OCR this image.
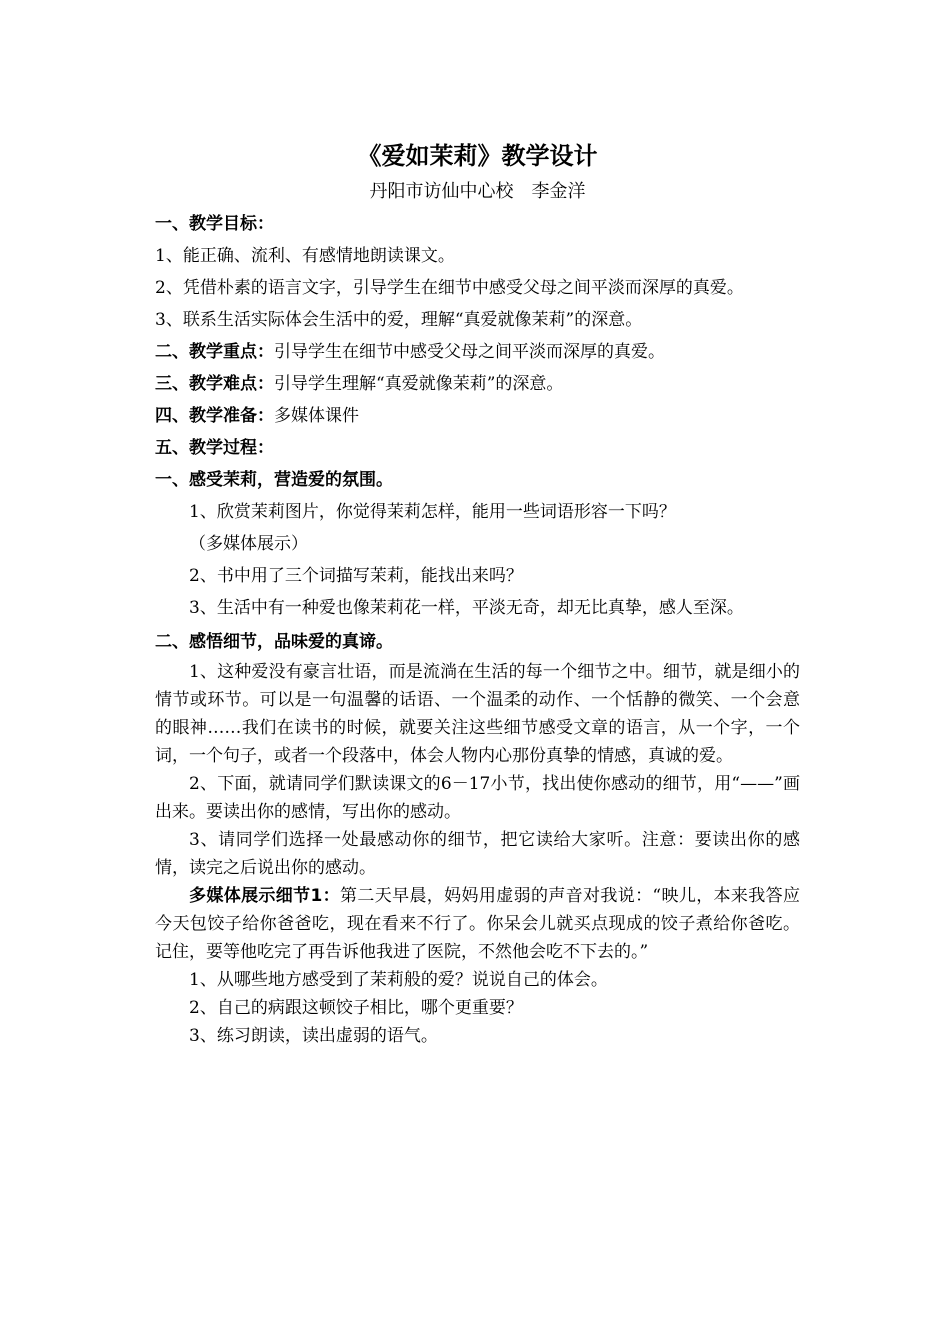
《爱如茉莉》教学设计

丹阳市访仙中心校　李金洋

一、教学目标：

1、能正确、流利、有感情地朗读课文。

2、凭借朴素的语言文字，引导学生在细节中感受父母之间平淡而深厚的真爱。

3、联系生活实际体会生活中的爱，理解“真爱就像茉莉”的深意。

二、教学重点：引导学生在细节中感受父母之间平淡而深厚的真爱。

三、教学难点：引导学生理解“真爱就像茉莉”的深意。

四、教学准备：多媒体课件

五、教学过程：

一、感受茉莉，营造爱的氛围。

1、欣赏茉莉图片，你觉得茉莉怎样，能用一些词语形容一下吗？

（多媒体展示）

2、书中用了三个词描写茉莉，能找出来吗？

3、生活中有一种爱也像茉莉花一样，平淡无奇，却无比真挚，感人至深。

二、感悟细节，品味爱的真谛。

1、这种爱没有豪言壮语，而是流淌在生活的每一个细节之中。细节，就是细小的情节或环节。可以是一句温馨的话语、一个温柔的动作、一个恬静的微笑、一个会意的眼神……我们在读书的时候，就要关注这些细节感受文章的语言，从一个字，一个词，一个句子，或者一个段落中，体会人物内心那份真挚的情感，真诚的爱。

2、下面，就请同学们默读课文的6－17小节，找出使你感动的细节，用“——”画出来。要读出你的感情，写出你的感动。

3、请同学们选择一处最感动你的细节，把它读给大家听。注意：要读出你的感情，读完之后说出你的感动。

多媒体展示细节1：第二天早晨，妈妈用虚弱的声音对我说：“映儿，本来我答应今天包饺子给你爸爸吃，现在看来不行了。你呆会儿就买点现成的饺子煮给你爸吃。记住，要等他吃完了再告诉他我进了医院，不然他会吃不下去的。”

1、从哪些地方感受到了茉莉般的爱？说说自己的体会。

2、自己的病跟这顿饺子相比，哪个更重要？

3、练习朗读，读出虚弱的语气。
